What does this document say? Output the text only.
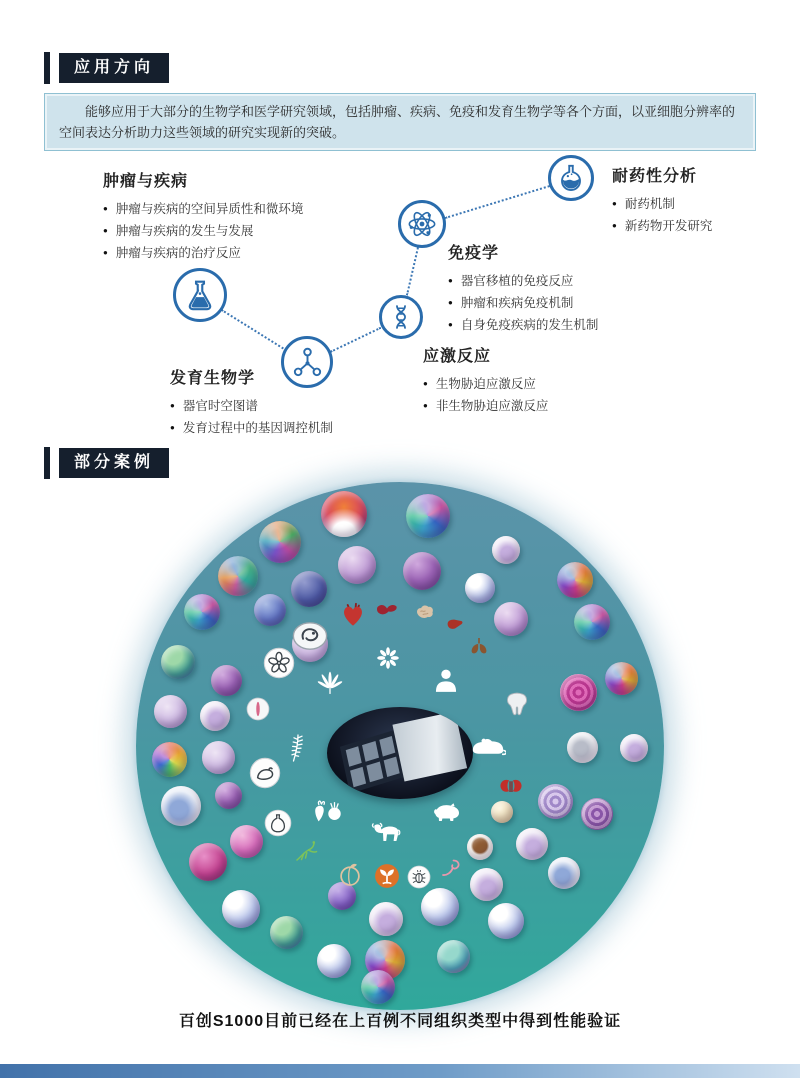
应用方向
能够应用于大部分的生物学和医学研究领域，包括肿瘤、疾病、免疫和发育生物学等各个方面，以亚细胞分辨率的空间表达分析助力这些领域的研究实现新的突破。
肿瘤与疾病
● 肿瘤与疾病的空间异质性和微环境
● 肿瘤与疾病的发生与发展
● 肿瘤与疾病的治疗反应
耐药性分析
● 耐药机制
● 新药物开发研究
免疫学
● 器官移植的免疫反应
● 肿瘤和疾病免疫机制
● 自身免疫疾病的发生机制
应激反应
● 生物胁迫应激反应
● 非生物胁迫应激反应
发育生物学
● 器官时空图谱
● 发育过程中的基因调控机制
部分案例

百创S1000目前已经在上百例不同组织类型中得到性能验证
